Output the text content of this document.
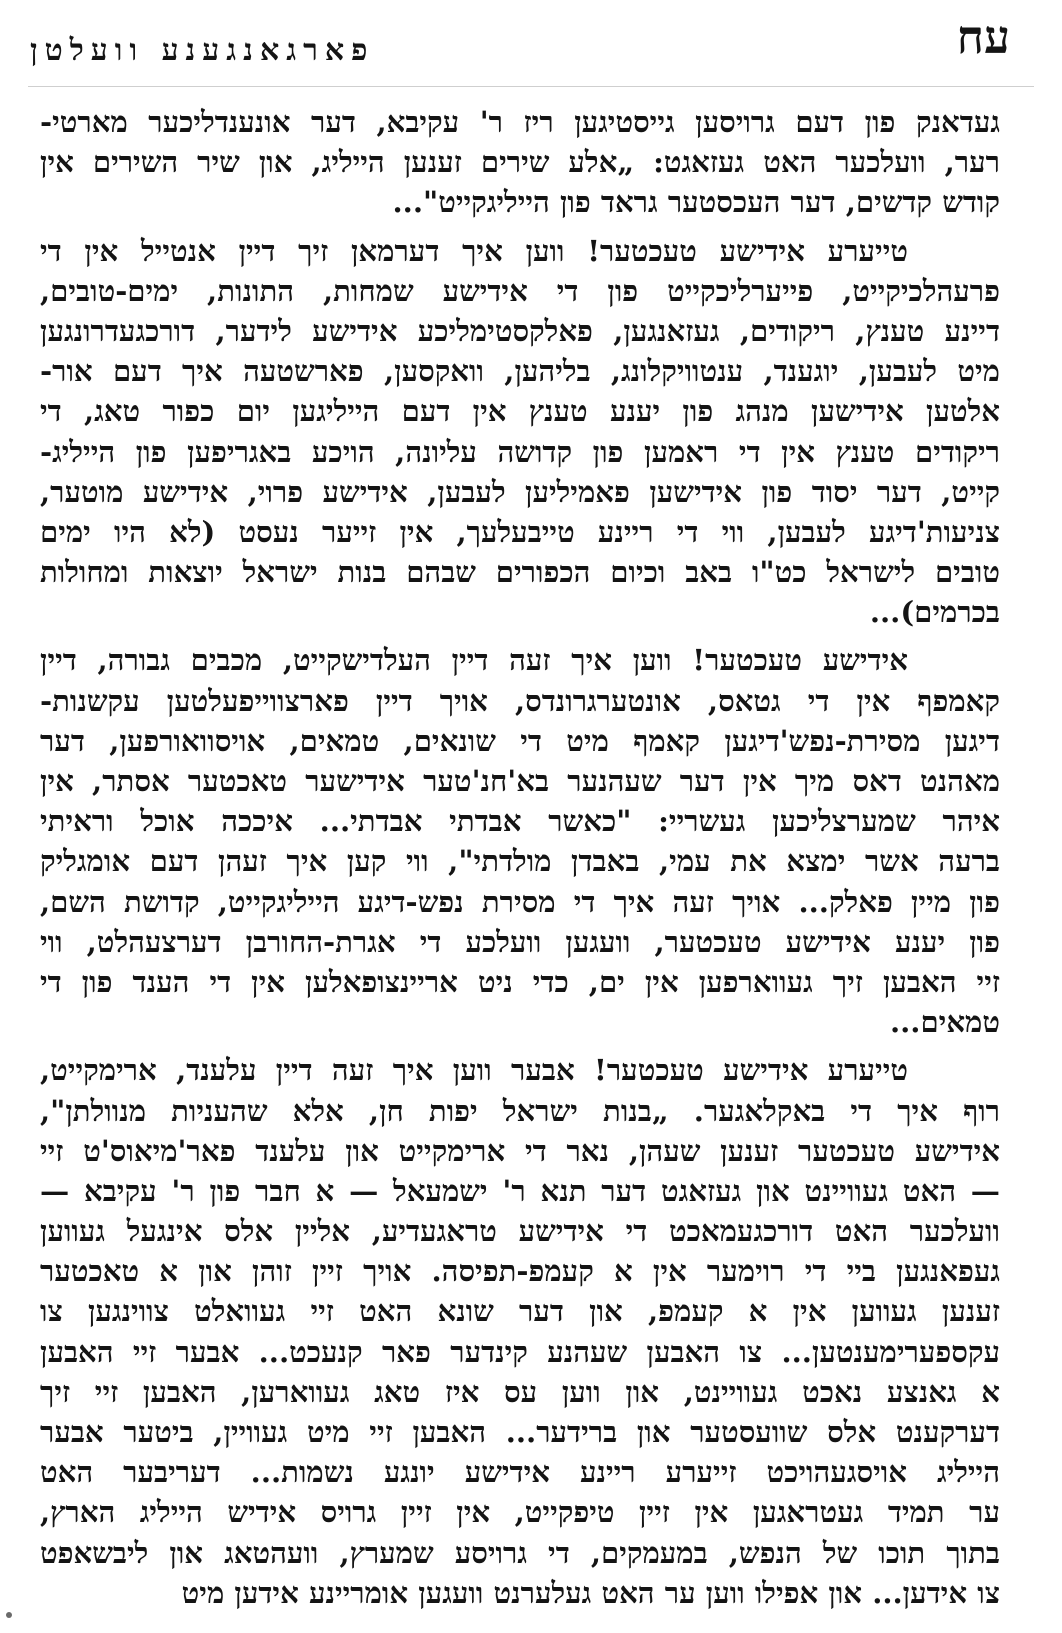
עח
פארגאנגענע וועלטן
געדאנק פון דעם גרויסען גייסטיגען ריז ר' עקיבא, דער אונענדליכער מארטי-
רער, וועלכער האט געזאגט: „אלע שירים זענען הייליג, און שיר השירים אין
קודש קדשים, דער העכסטער גראד פון הייליגקייט"...
טייערע אידישע טעכטער! ווען איך דערמאן זיך דיין אנטייל אין די
פרעהלכיקייט, פייערליכקייט פון די אידישע שמחות, התונות, ימים-טובים,
דיינע טענץ, ריקודים, געזאנגען, פאלקסטימליכע אידישע לידער, דורכגעדרונגען
מיט לעבען, יוגענד, ענטוויקלונג, בליהען, וואקסען, פארשטעה איך דעם אור-
אלטען אידישען מנהג פון יענע טענץ אין דעם הייליגען יום כפור טאג, די
ריקודים טענץ אין די ראמען פון קדושה עליונה, הויכע באגריפען פון הייליג-
קייט, דער יסוד פון אידישען פאמיליען לעבען, אידישע פרוי, אידישע מוטער,
צניעות'דיגע לעבען, ווי די ריינע טייבעלעך, אין זייער נעסט (לא היו ימים
טובים לישראל כט"ו באב וכיום הכפורים שבהם בנות ישראל יוצאות ומחולות
בכרמים)...
אידישע טעכטער! ווען איך זעה דיין העלדישקייט, מכבים גבורה, דיין
קאמפף אין די גטאס, אונטערגרונדס, אויך דיין פארצווייפעלטען עקשנות-
דיגען מסירת-נפש'דיגען קאמף מיט די שונאים, טמאים, אויסוואורפען, דער
מאהנט דאס מיך אין דער שעהנער בא'חנ'טער אידישער טאכטער אסתר, אין
איהר שמערצליכען געשריי: "כאשר אבדתי אבדתי... איככה אוכל וראיתי
ברעה אשר ימצא את עמי, באבדן מולדתי", ווי קען איך זעהן דעם אומגליק
פון מיין פאלק... אויך זעה איך די מסירת נפש-דיגע הייליגקייט, קדושת השם,
פון יענע אידישע טעכטער, וועגען וועלכע די אגרת-החורבן דערצעהלט, ווי
זיי האבען זיך געווארפען אין ים, כדי ניט אריינצופאלען אין די הענד פון די
טמאים...
טייערע אידישע טעכטער! אבער ווען איך זעה דיין עלענד, ארימקייט,
רוף איך די באקלאגער. „בנות ישראל יפות חן, אלא שהעניות מנוולתן",
אידישע טעכטער זענען שעהן, נאר די ארימקייט און עלענד פאר'מיאוס'ט זיי
— האט געוויינט און געזאגט דער תנא ר' ישמעאל — א חבר פון ר' עקיבא —
וועלכער האט דורכגעמאכט די אידישע טראגעדיע, אליין אלס אינגעל געווען
געפאנגען ביי די רוימער אין א קעמפ-תפיסה. אויך זיין זוהן און א טאכטער
זענען געווען אין א קעמפ, און דער שונא האט זיי געוואלט צווינגען צו
עקספערימענטען... צו האבען שעהנע קינדער פאר קנעכט... אבער זיי האבען
א גאנצע נאכט געוויינט, און ווען עס איז טאג געווארען, האבען זיי זיך
דערקענט אלס שוועסטער און ברידער... האבען זיי מיט געוויין, ביטער אבער
הייליג אויסגעהויכט זייערע ריינע אידישע יונגע נשמות... דעריבער האט
ער תמיד געטראגען אין זיין טיפקייט, אין זיין גרויס אידיש הייליג הארץ,
בתוך תוכו של הנפש, במעמקים, די גרויסע שמערץ, וועהטאג און ליבשאפט
צו אידען... און אפילו ווען ער האט געלערנט וועגען אומריינע אידען מיט
